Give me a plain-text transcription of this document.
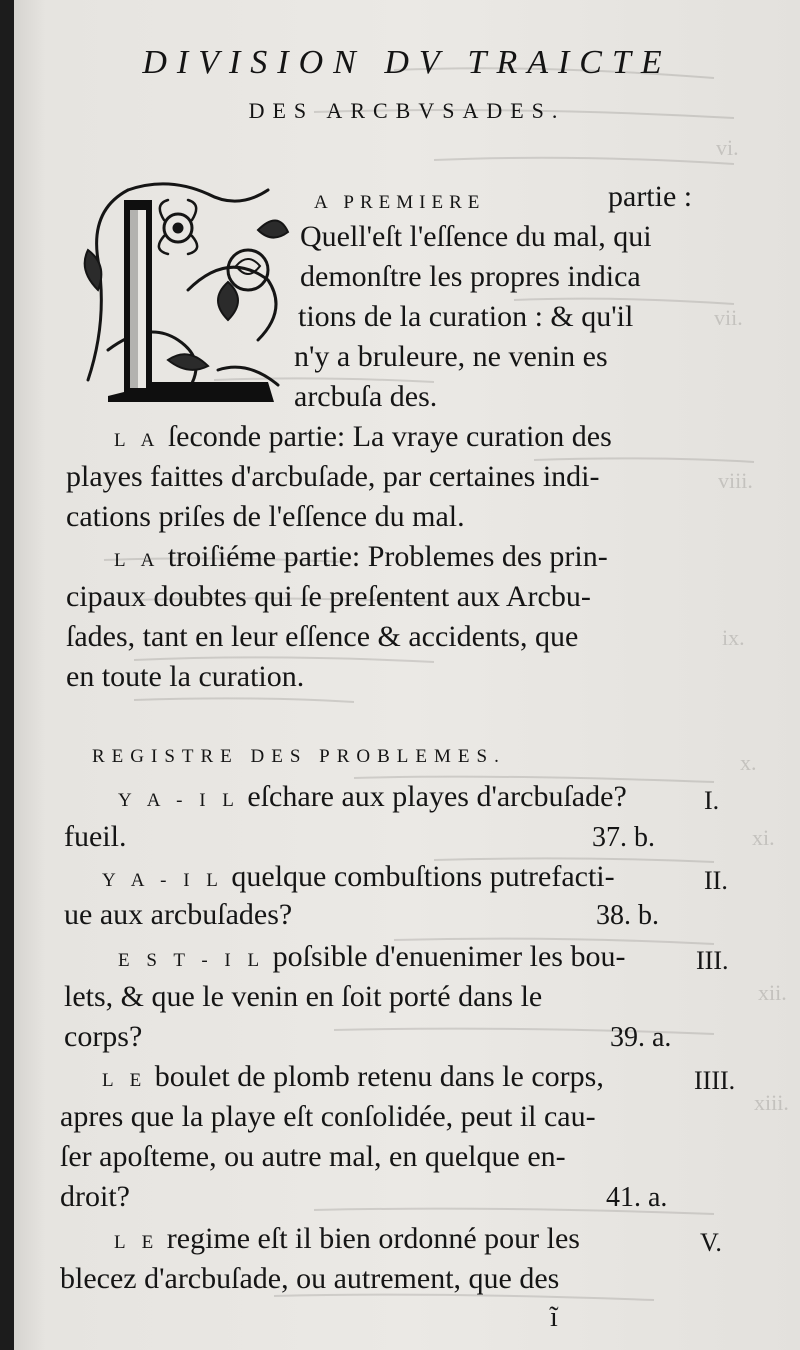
vi.
vii.
viii.
ix.
x.
xi.
xii.
xiii.
DIVISION DV TRAICTE
DES ARCBVSADES.
A PREMIERE	partie :
Quell'eſt l'eſſence du mal, qui
demonſtre les propres indica
tions de la curation : & qu'il
n'y a bruleure, ne venin es
arcbuſa des.
L A ſeconde partie: La vraye curation des
playes faittes d'arcbuſade, par certaines indi-
cations priſes de l'eſſence du mal.
L A troiſiéme partie: Problemes des prin-
cipaux doubtes qui ſe preſentent aux Arcbu-
ſades, tant en leur eſſence & accidents, que
en toute la curation.
REGISTRE DES PROBLEMES.
Y A - I L eſchare aux playes d'arcbuſade?	I.
fueil.	37. b.
Y A - I L quelque combuſtions putrefacti-	II.
ue aux arcbuſades?	38. b.
E S T - I L poſsible d'enuenimer les bou-	III.
lets, & que le venin en ſoit porté dans le
corps?	39. a.
L E boulet de plomb retenu dans le corps,	IIII.
apres que la playe eſt conſolidée, peut il cau-
ſer apoſteme, ou autre mal, en quelque en-
droit?	41. a.
L E regime eſt il bien ordonné pour les	V.
blecez d'arcbuſade, ou autrement, que des
ĩ
